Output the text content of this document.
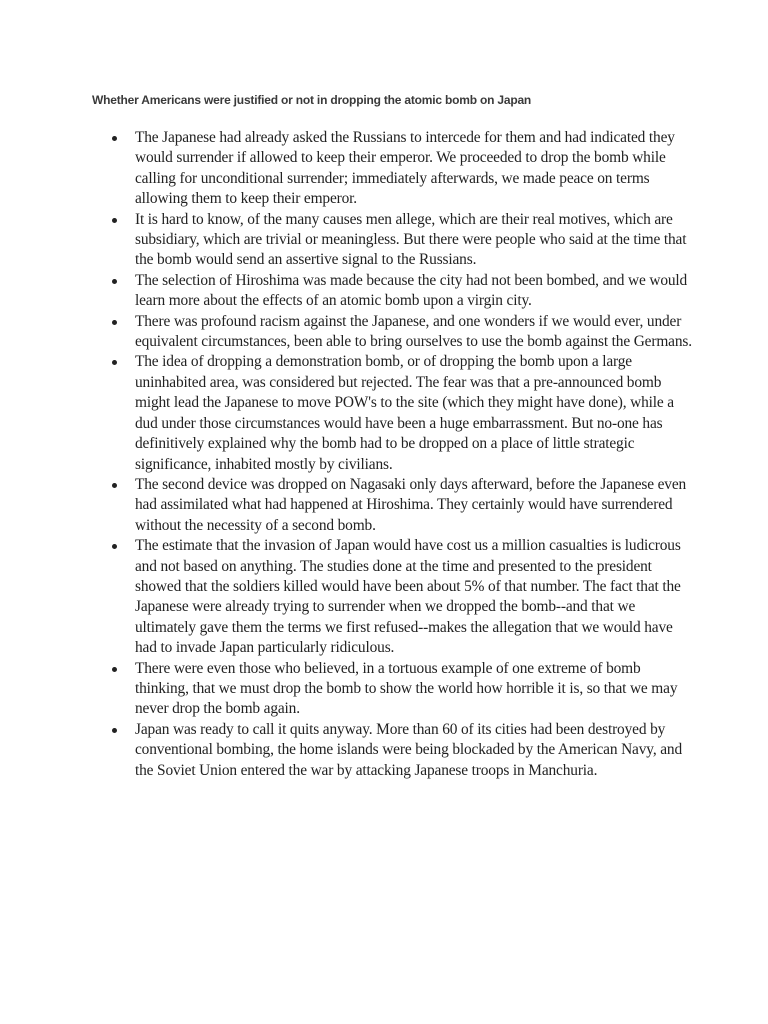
Whether Americans were justified or not in dropping the atomic bomb on Japan
The Japanese had already asked the Russians to intercede for them and had indicated they would surrender if allowed to keep their emperor. We proceeded to drop the bomb while calling for unconditional surrender; immediately afterwards, we made peace on terms allowing them to keep their emperor.
It is hard to know, of the many causes men allege, which are their real motives, which are subsidiary, which are trivial or meaningless. But there were people who said at the time that the bomb would send an assertive signal to the Russians.
The selection of Hiroshima was made because the city had not been bombed, and we would learn more about the effects of an atomic bomb upon a virgin city.
There was profound racism against the Japanese, and one wonders if we would ever, under equivalent circumstances, been able to bring ourselves to use the bomb against the Germans.
The idea of dropping a demonstration bomb, or of dropping the bomb upon a large uninhabited area, was considered but rejected. The fear was that a pre-announced bomb might lead the Japanese to move POW's to the site (which they might have done), while a dud under those circumstances would have been a huge embarrassment. But no-one has definitively explained why the bomb had to be dropped on a place of little strategic significance, inhabited mostly by civilians.
The second device was dropped on Nagasaki only days afterward, before the Japanese even had assimilated what had happened at Hiroshima. They certainly would have surrendered without the necessity of a second bomb.
The estimate that the invasion of Japan would have cost us a million casualties is ludicrous and not based on anything. The studies done at the time and presented to the president showed that the soldiers killed would have been about 5% of that number. The fact that the Japanese were already trying to surrender when we dropped the bomb--and that we ultimately gave them the terms we first refused--makes the allegation that we would have had to invade Japan particularly ridiculous.
There were even those who believed, in a tortuous example of one extreme of bomb thinking, that we must drop the bomb to show the world how horrible it is, so that we may never drop the bomb again.
Japan was ready to call it quits anyway. More than 60 of its cities had been destroyed by conventional bombing, the home islands were being blockaded by the American Navy, and the Soviet Union entered the war by attacking Japanese troops in Manchuria.
